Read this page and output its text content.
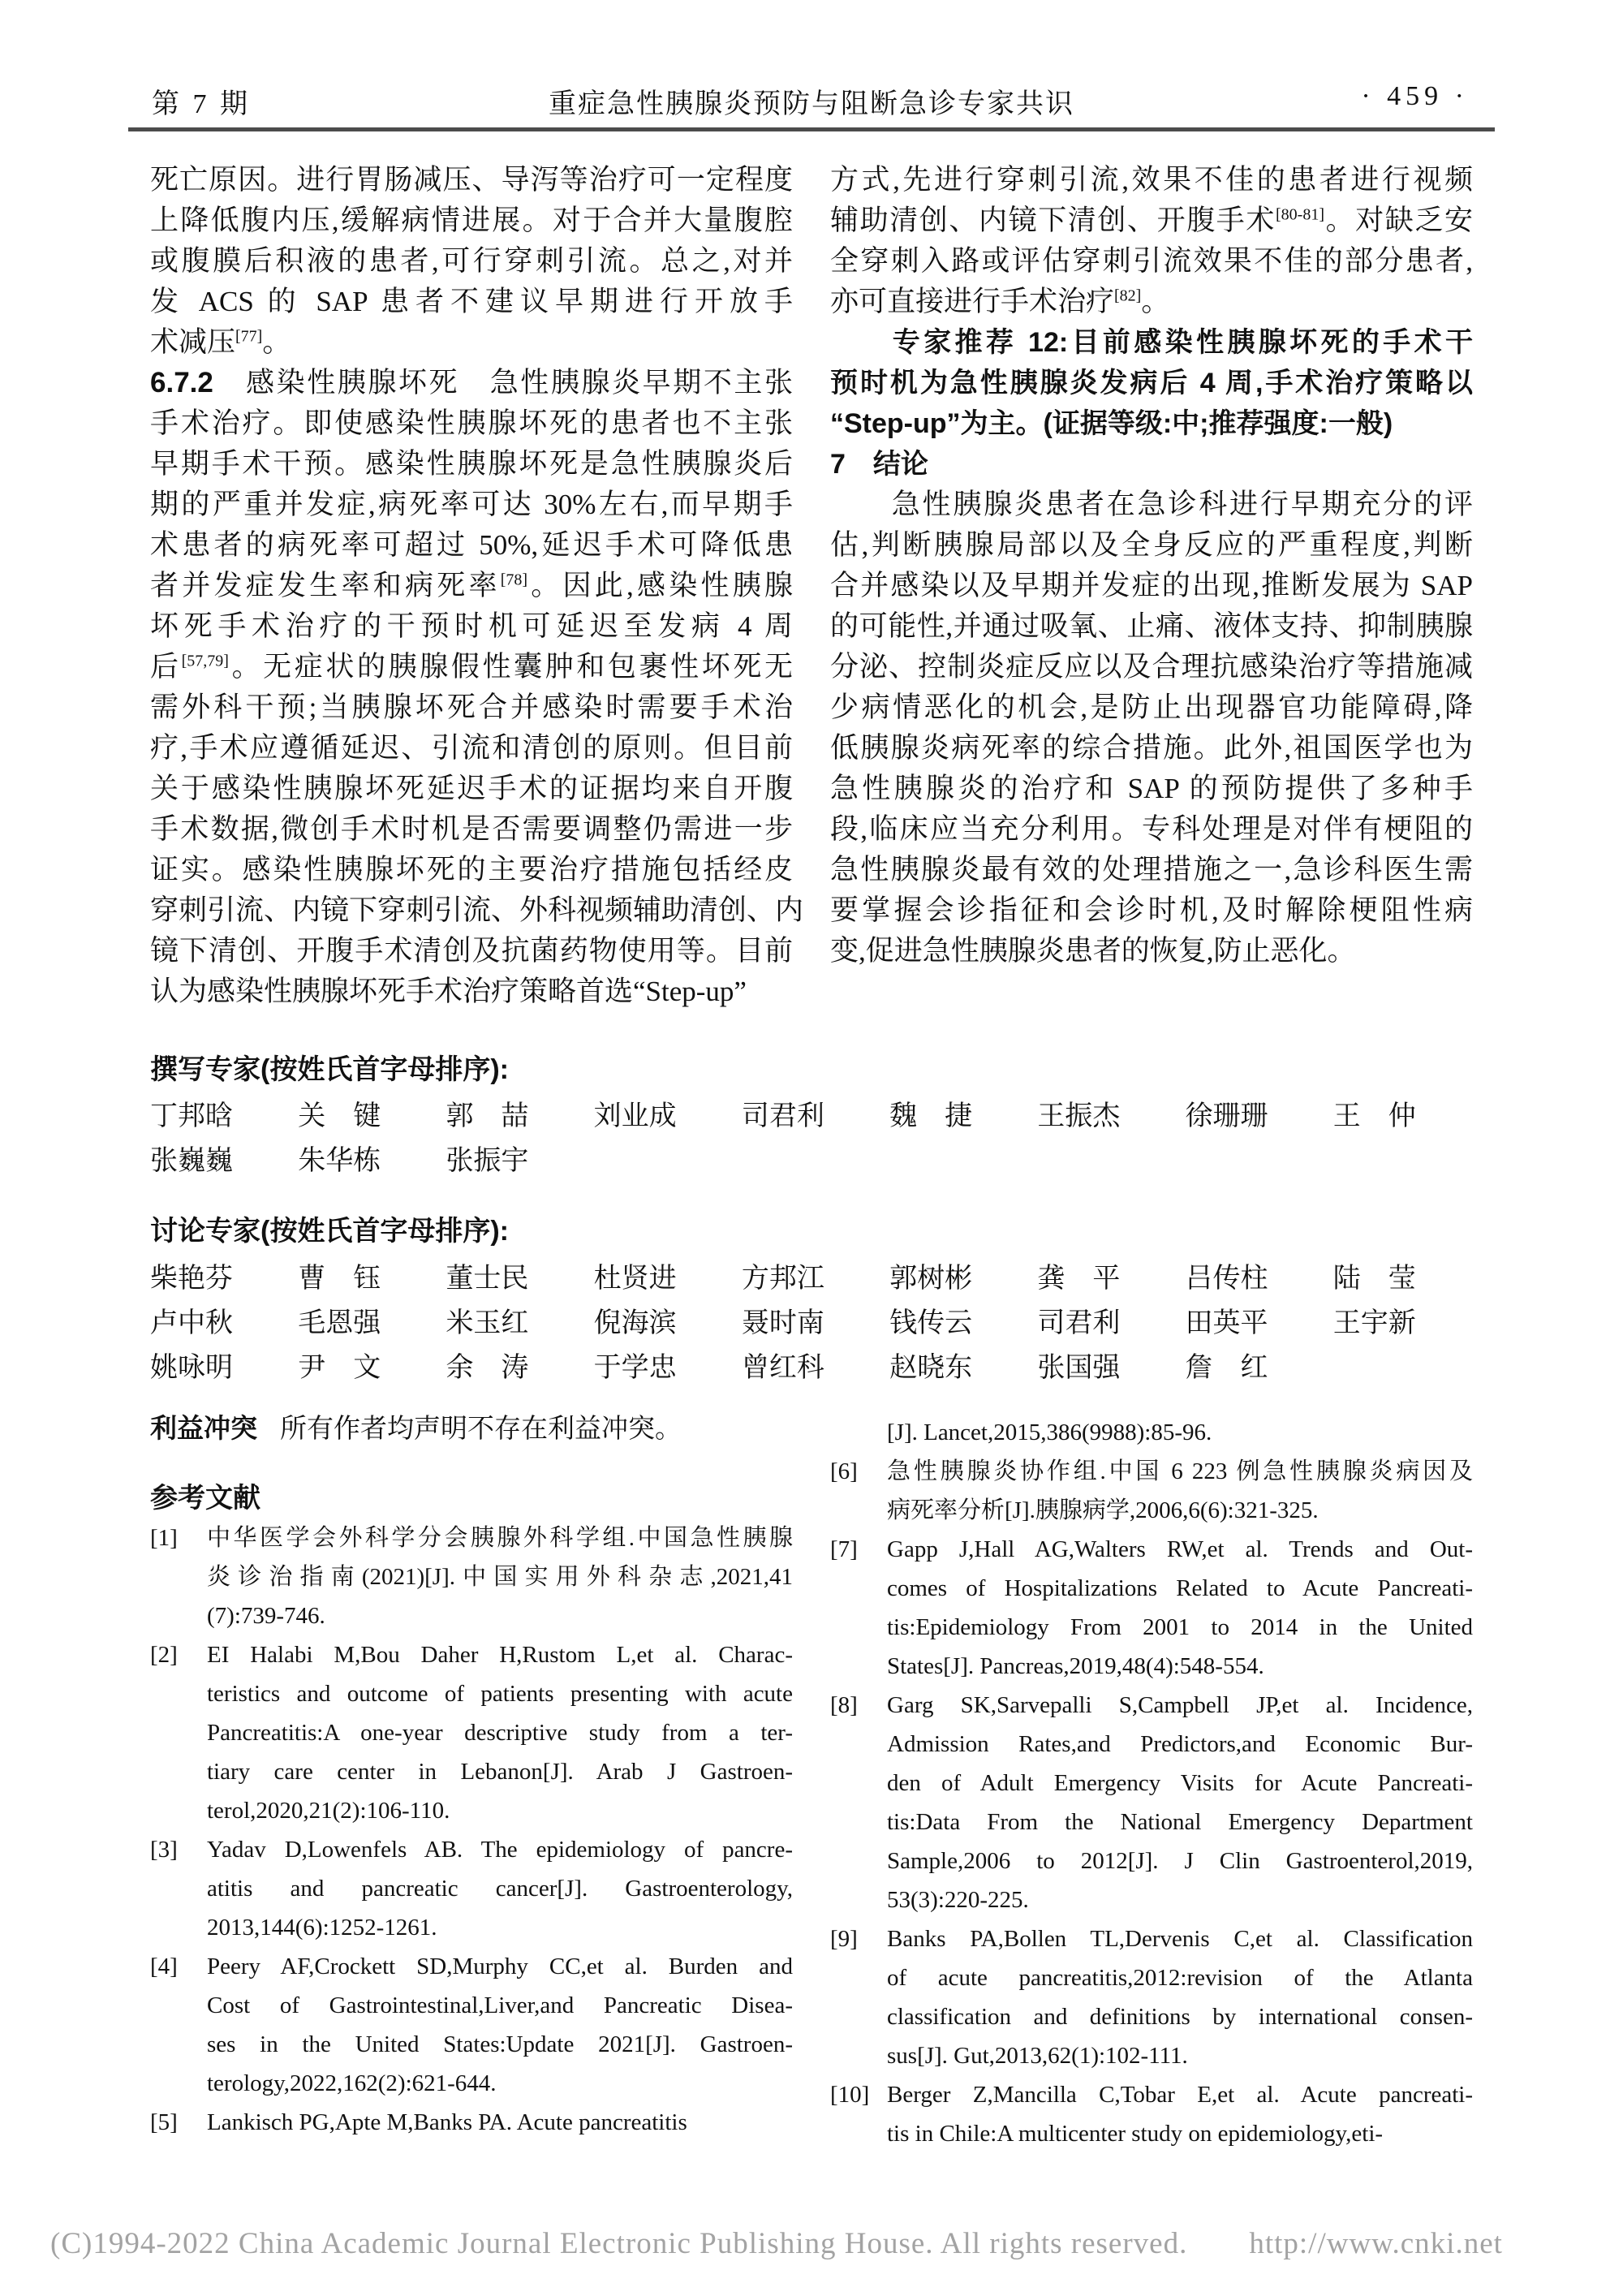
第 7 期	重症急性胰腺炎预防与阻断急诊专家共识	· 459 ·
死亡原因。进行胃肠减压、导泻等治疗可一定程度
上降低腹内压,缓解病情进展。对于合并大量腹腔
或腹膜后积液的患者,可行穿刺引流。总之,对并
发 ACS 的 SAP 患者不建议早期进行开放手
术减压[77]。
6.7.2　感染性胰腺坏死　急性胰腺炎早期不主张
手术治疗。即使感染性胰腺坏死的患者也不主张
早期手术干预。感染性胰腺坏死是急性胰腺炎后
期的严重并发症,病死率可达 30%左右,而早期手
术患者的病死率可超过 50%,延迟手术可降低患
者并发症发生率和病死率[78]。因此,感染性胰腺
坏死手术治疗的干预时机可延迟至发病 4 周
后[57,79]。无症状的胰腺假性囊肿和包裹性坏死无
需外科干预;当胰腺坏死合并感染时需要手术治
疗,手术应遵循延迟、引流和清创的原则。但目前
关于感染性胰腺坏死延迟手术的证据均来自开腹
手术数据,微创手术时机是否需要调整仍需进一步
证实。感染性胰腺坏死的主要治疗措施包括经皮
穿刺引流、内镜下穿刺引流、外科视频辅助清创、内
镜下清创、开腹手术清创及抗菌药物使用等。目前
认为感染性胰腺坏死手术治疗策略首选“Step-up”
方式,先进行穿刺引流,效果不佳的患者进行视频
辅助清创、内镜下清创、开腹手术[80-81]。对缺乏安
全穿刺入路或评估穿刺引流效果不佳的部分患者,
亦可直接进行手术治疗[82]。
　　专家推荐 12:目前感染性胰腺坏死的手术干
预时机为急性胰腺炎发病后 4 周,手术治疗策略以
“Step-up”为主。(证据等级:中;推荐强度:一般)
7　结论
　　急性胰腺炎患者在急诊科进行早期充分的评
估,判断胰腺局部以及全身反应的严重程度,判断
合并感染以及早期并发症的出现,推断发展为 SAP
的可能性,并通过吸氧、止痛、液体支持、抑制胰腺
分泌、控制炎症反应以及合理抗感染治疗等措施减
少病情恶化的机会,是防止出现器官功能障碍,降
低胰腺炎病死率的综合措施。此外,祖国医学也为
急性胰腺炎的治疗和 SAP 的预防提供了多种手
段,临床应当充分利用。专科处理是对伴有梗阻的
急性胰腺炎最有效的处理措施之一,急诊科医生需
要掌握会诊指征和会诊时机,及时解除梗阻性病
变,促进急性胰腺炎患者的恢复,防止恶化。
撰写专家(按姓氏首字母排序):
丁邦晗	关　键	郭　喆	刘业成	司君利	魏　捷	王振杰	徐珊珊	王　仲
张巍巍	朱华栋	张振宇
讨论专家(按姓氏首字母排序):
柴艳芬	曹　钰	董士民	杜贤进	方邦江	郭树彬	龚　平	吕传柱	陆　莹
卢中秋	毛恩强	米玉红	倪海滨	聂时南	钱传云	司君利	田英平	王宇新
姚咏明	尹　文	余　涛	于学忠	曾红科	赵晓东	张国强	詹　红
利益冲突 所有作者均声明不存在利益冲突。
参考文献
[1]	中华医学会外科学分会胰腺外科学组.中国急性胰腺
炎诊治指南(2021)[J].中国实用外科杂志,2021,41
(7):739-746.
[2]	EI Halabi M,Bou Daher H,Rustom L,et al. Charac-
teristics and outcome of patients presenting with acute
Pancreatitis:A one-year descriptive study from a ter-
tiary care center in Lebanon[J]. Arab J Gastroen-
terol,2020,21(2):106-110.
[3]	Yadav D,Lowenfels AB. The epidemiology of pancre-
atitis and pancreatic cancer[J]. Gastroenterology,
2013,144(6):1252-1261.
[4]	Peery AF,Crockett SD,Murphy CC,et al. Burden and
Cost of Gastrointestinal,Liver,and Pancreatic Disea-
ses in the United States:Update 2021[J]. Gastroen-
terology,2022,162(2):621-644.
[5]	Lankisch PG,Apte M,Banks PA. Acute pancreatitis
[J]. Lancet,2015,386(9988):85-96.
[6]	急性胰腺炎协作组.中国 6 223 例急性胰腺炎病因及
病死率分析[J].胰腺病学,2006,6(6):321-325.
[7]	Gapp J,Hall AG,Walters RW,et al. Trends and Out-
comes of Hospitalizations Related to Acute Pancreati-
tis:Epidemiology From 2001 to 2014 in the United
States[J]. Pancreas,2019,48(4):548-554.
[8]	Garg SK,Sarvepalli S,Campbell JP,et al. Incidence,
Admission Rates,and Predictors,and Economic Bur-
den of Adult Emergency Visits for Acute Pancreati-
tis:Data From the National Emergency Department
Sample,2006 to 2012[J]. J Clin Gastroenterol,2019,
53(3):220-225.
[9]	Banks PA,Bollen TL,Dervenis C,et al. Classification
of acute pancreatitis,2012:revision of the Atlanta
classification and definitions by international consen-
sus[J]. Gut,2013,62(1):102-111.
[10] Berger Z,Mancilla C,Tobar E,et al. Acute pancreati-
tis in Chile:A multicenter study on epidemiology,eti-
(C)1994-2022 China Academic Journal Electronic Publishing House. All rights reserved.　　http://www.cnki.net
